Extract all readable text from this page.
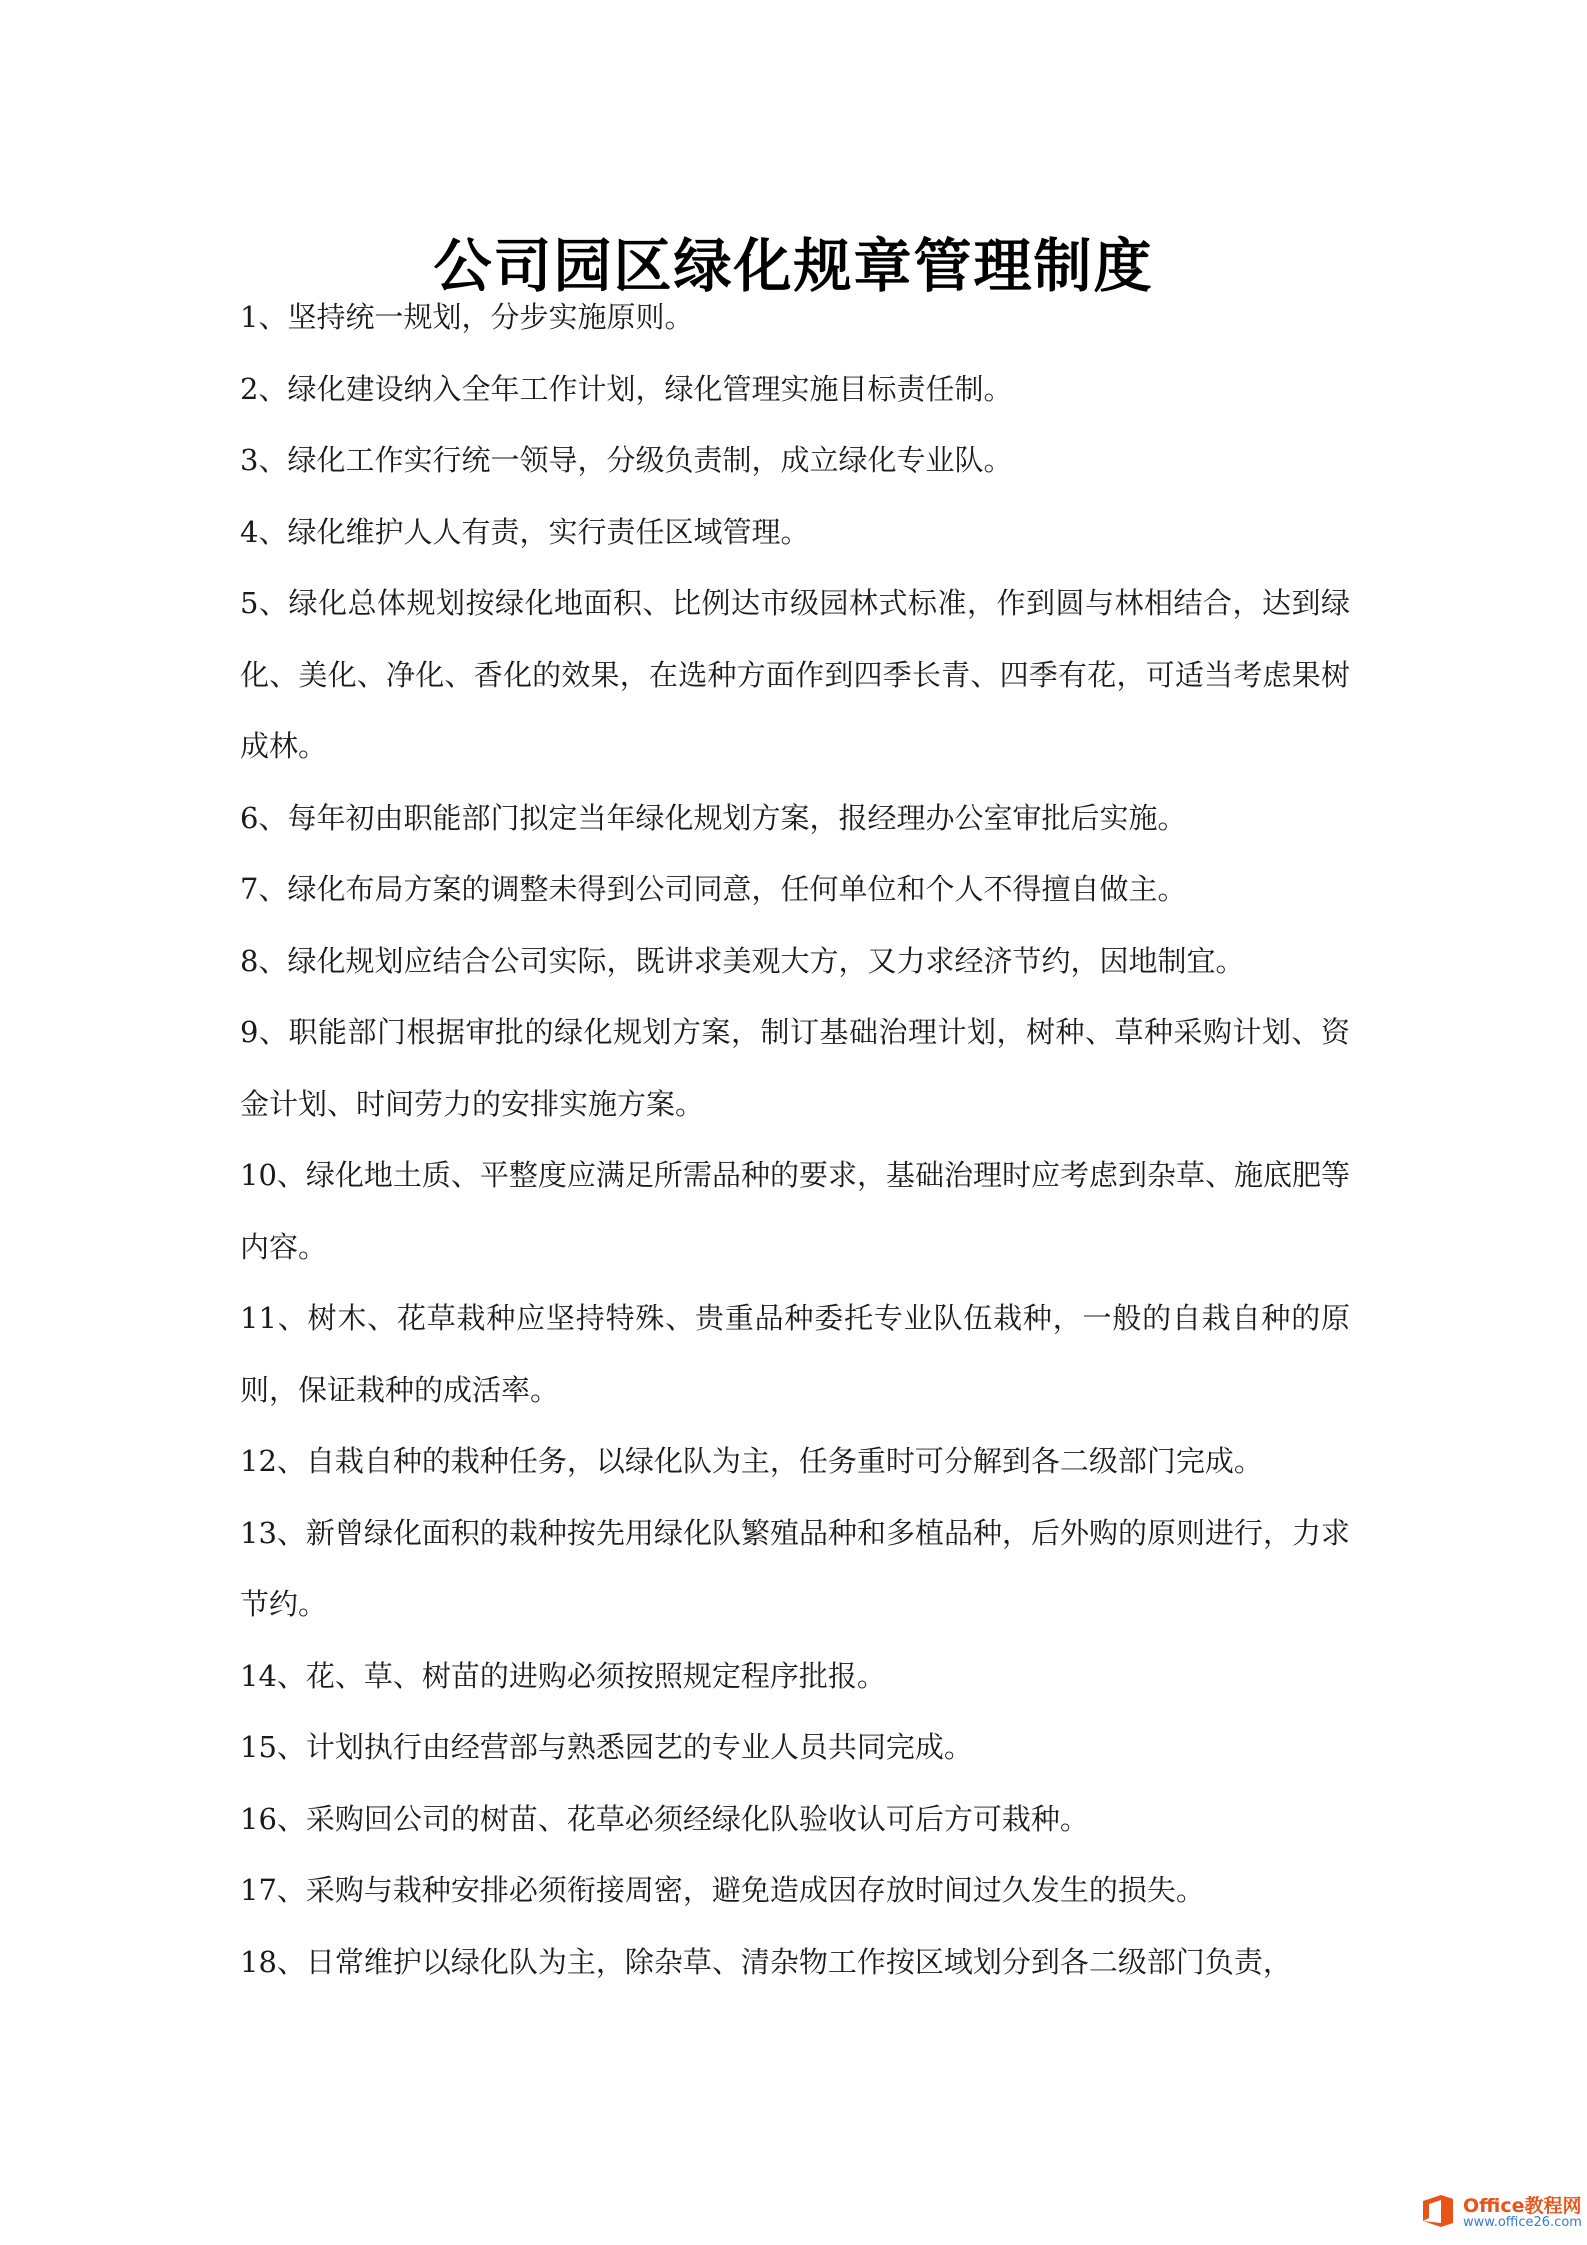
公司园区绿化规章管理制度

1、坚持统一规划，分步实施原则。

2、绿化建设纳入全年工作计划，绿化管理实施目标责任制。

3、绿化工作实行统一领导，分级负责制，成立绿化专业队。

4、绿化维护人人有责，实行责任区域管理。

5、绿化总体规划按绿化地面积、比例达市级园林式标准，作到圆与林相结合，达到绿化、美化、净化、香化的效果，在选种方面作到四季长青、四季有花，可适当考虑果树成林。

6、每年初由职能部门拟定当年绿化规划方案，报经理办公室审批后实施。

7、绿化布局方案的调整未得到公司同意，任何单位和个人不得擅自做主。

8、绿化规划应结合公司实际，既讲求美观大方，又力求经济节约，因地制宜。

9、职能部门根据审批的绿化规划方案，制订基础治理计划，树种、草种采购计划、资金计划、时间劳力的安排实施方案。

10、绿化地土质、平整度应满足所需品种的要求，基础治理时应考虑到杂草、施底肥等内容。

11、树木、花草栽种应坚持特殊、贵重品种委托专业队伍栽种，一般的自栽自种的原则，保证栽种的成活率。

12、自栽自种的栽种任务，以绿化队为主，任务重时可分解到各二级部门完成。

13、新曾绿化面积的栽种按先用绿化队繁殖品种和多植品种，后外购的原则进行，力求节约。

14、花、草、树苗的进购必须按照规定程序批报。

15、计划执行由经营部与熟悉园艺的专业人员共同完成。

16、采购回公司的树苗、花草必须经绿化队验收认可后方可栽种。

17、采购与栽种安排必须衔接周密，避免造成因存放时间过久发生的损失。

18、日常维护以绿化队为主，除杂草、清杂物工作按区域划分到各二级部门负责，

Office教程网
www.office26.com
